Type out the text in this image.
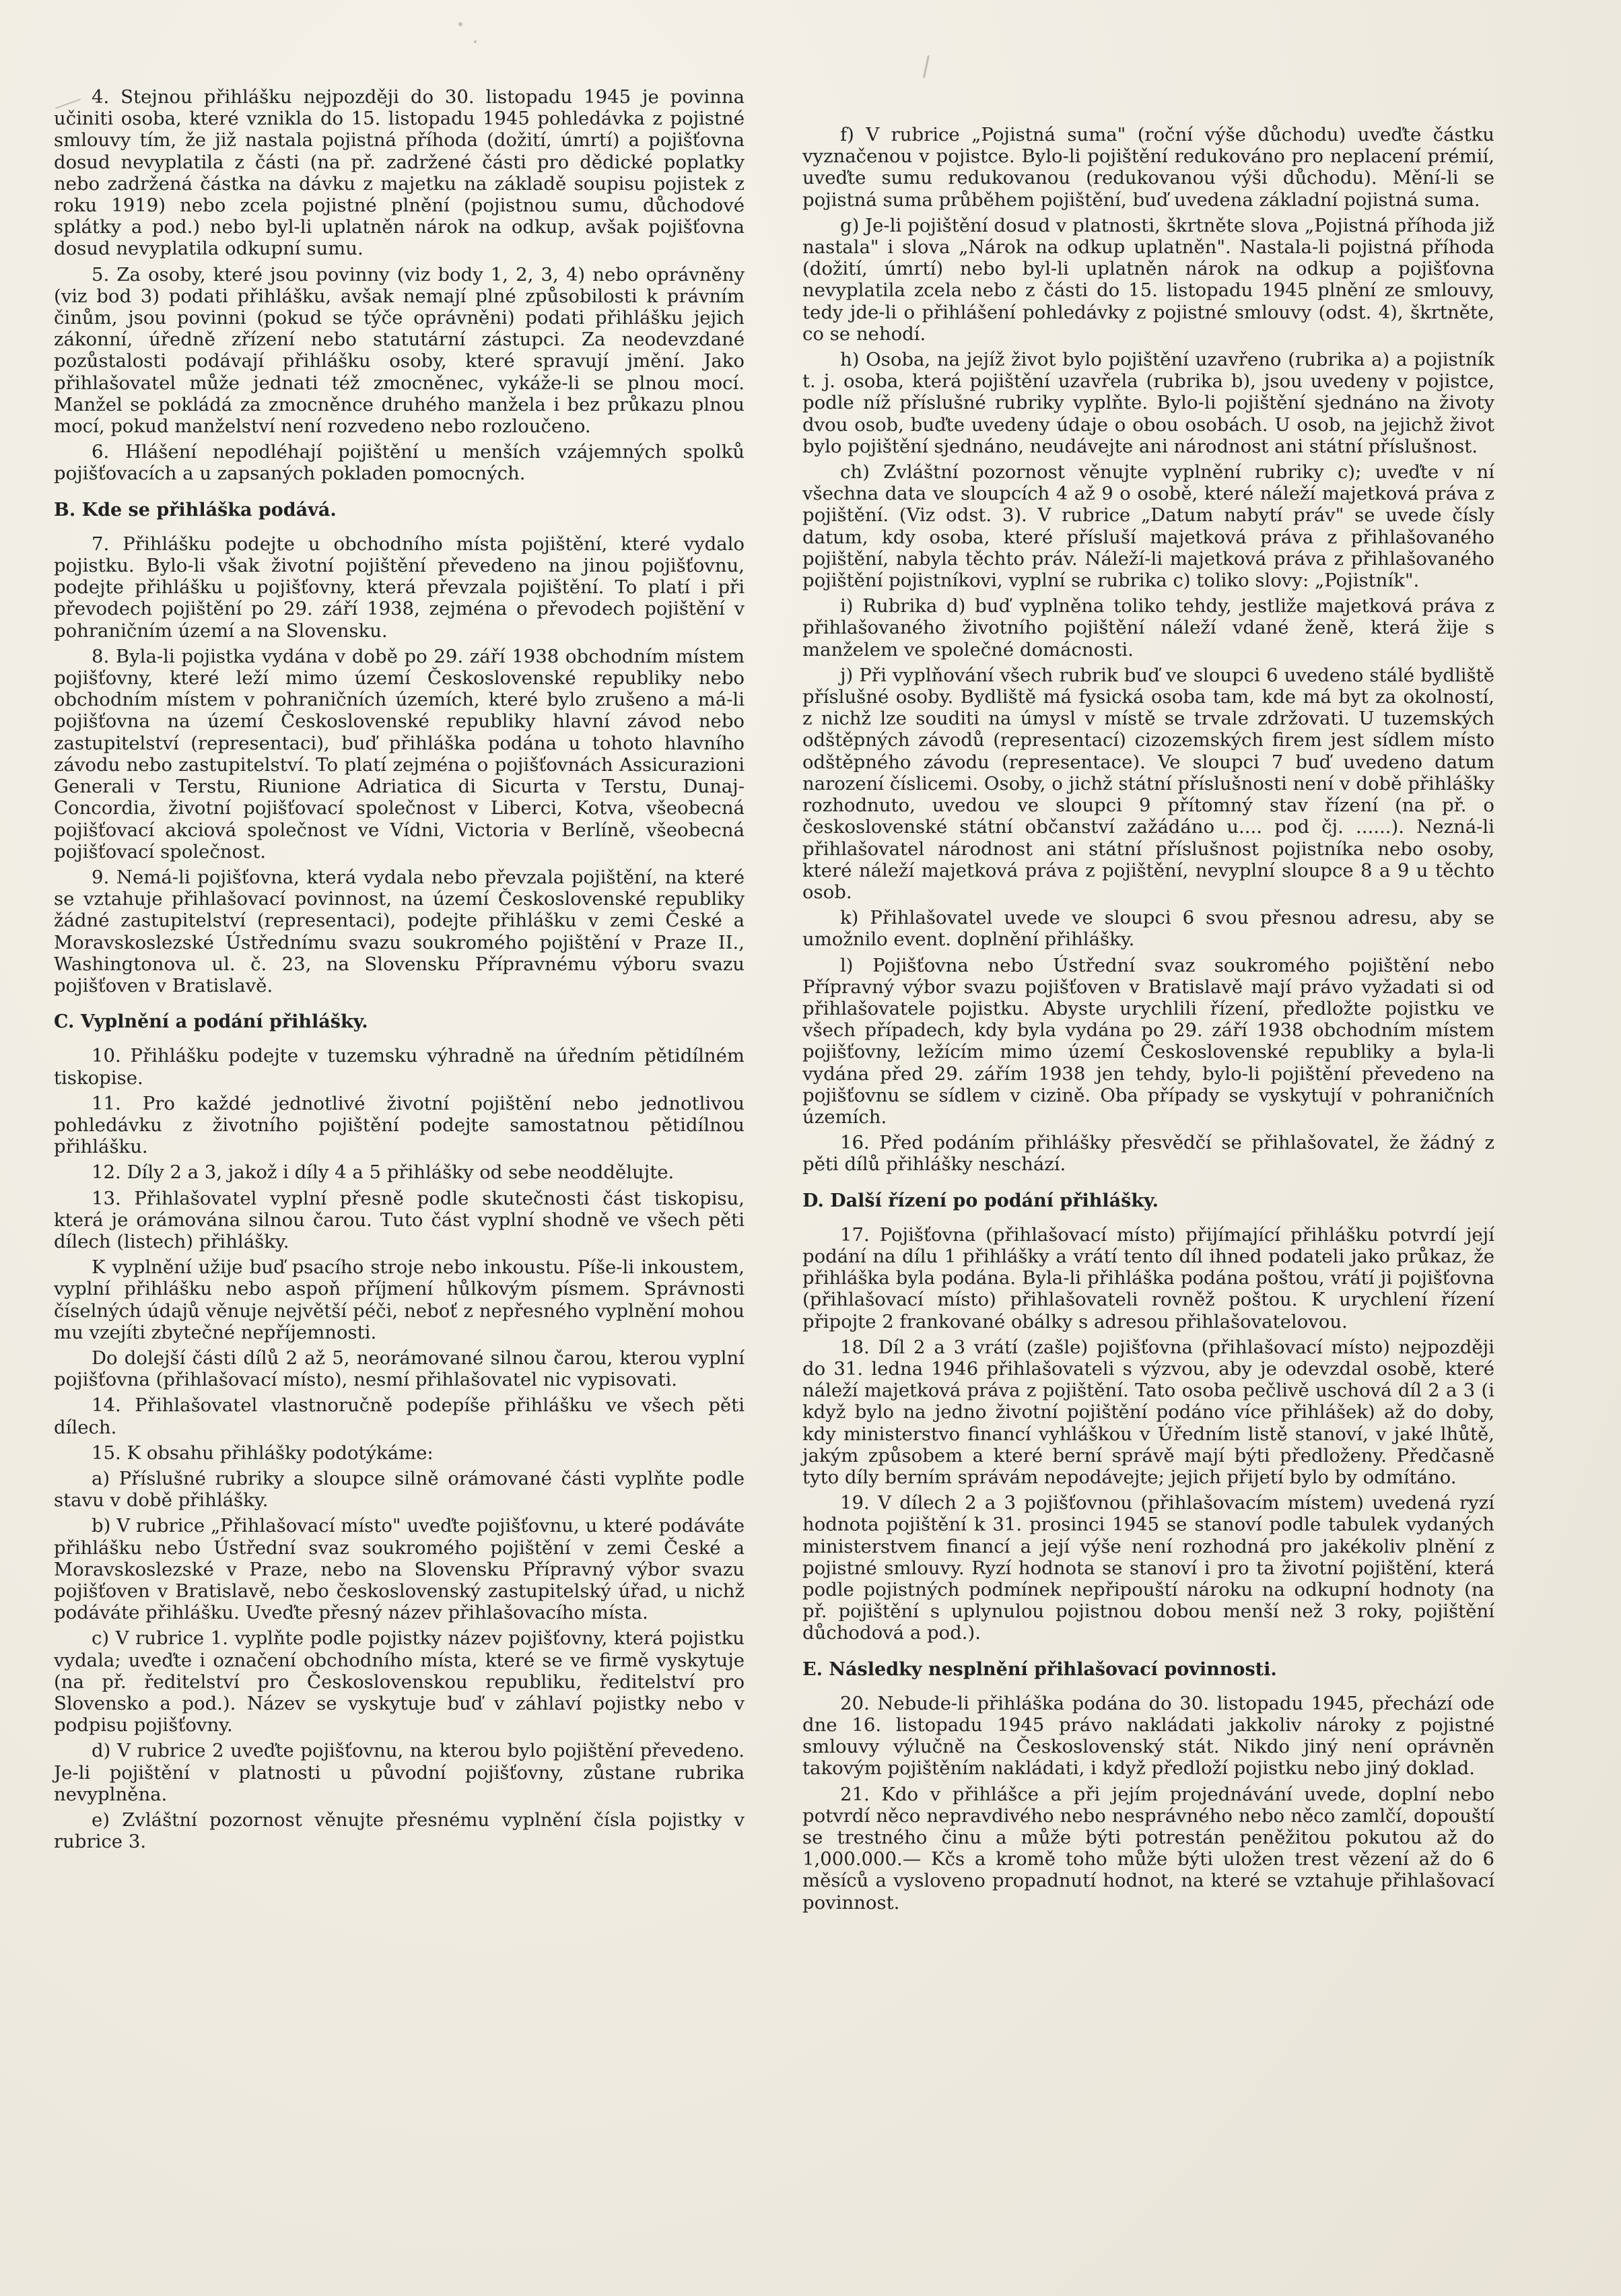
4. Stejnou přihlášku nejpozději do 30. listopadu 1945 je povinna učiniti osoba, které vznikla do 15. listopadu 1945 pohledávka z pojistné smlouvy tím, že již nastala pojistná příhoda (dožití, úmrtí) a pojišťovna dosud nevyplatila z části (na př. zadržené části pro dědické poplatky nebo zadržená částka na dávku z majetku na základě soupisu pojistek z roku 1919) nebo zcela pojistné plnění (pojistnou sumu, důchodové splátky a pod.) nebo byl-li uplatněn nárok na odkup, avšak pojišťovna dosud nevyplatila odkupní sumu.

5. Za osoby, které jsou povinny (viz body 1, 2, 3, 4) nebo oprávněny (viz bod 3) podati přihlášku, avšak nemají plné způsobilosti k právním činům, jsou povinni (pokud se týče oprávněni) podati přihlášku jejich zákonní, úředně zřízení nebo statutární zástupci. Za neodevzdané pozůstalosti podávají přihlášku osoby, které spravují jmění. Jako přihlašovatel může jednati též zmocněnec, vykáže-li se plnou mocí. Manžel se pokládá za zmocněnce druhého manžela i bez průkazu plnou mocí, pokud manželství není rozvedeno nebo rozloučeno.

6. Hlášení nepodléhají pojištění u menších vzájemných spolků pojišťovacích a u zapsaných pokladen pomocných.

B. Kde se přihláška podává.

7. Přihlášku podejte u obchodního místa pojištění, které vydalo pojistku. Bylo-li však životní pojištění převedeno na jinou pojišťovnu, podejte přihlášku u pojišťovny, která převzala pojištění. To platí i při převodech pojištění po 29. září 1938, zejména o převodech pojištění v pohraničním území a na Slovensku.

8. Byla-li pojistka vydána v době po 29. září 1938 obchodním místem pojišťovny, které leží mimo území Československé republiky nebo obchodním místem v pohraničních územích, které bylo zrušeno a má-li pojišťovna na území Československé republiky hlavní závod nebo zastupitelství (representaci), buď přihláška podána u tohoto hlavního závodu nebo zastupitelství. To platí zejména o pojišťovnách Assicurazioni Generali v Terstu, Riunione Adriatica di Sicurta v Terstu, Dunaj-Concordia, životní pojišťovací společnost v Liberci, Kotva, všeobecná pojišťovací akciová společnost ve Vídni, Victoria v Berlíně, všeobecná pojišťovací společnost.

9. Nemá-li pojišťovna, která vydala nebo převzala pojištění, na které se vztahuje přihlašovací povinnost, na území Československé republiky žádné zastupitelství (representaci), podejte přihlášku v zemi České a Moravskoslezské Ústřednímu svazu soukromého pojištění v Praze II., Washingtonova ul. č. 23, na Slovensku Přípravnému výboru svazu pojišťoven v Bratislavě.

C. Vyplnění a podání přihlášky.

10. Přihlášku podejte v tuzemsku výhradně na úředním pětidílném tiskopise.

11. Pro každé jednotlivé životní pojištění nebo jednotlivou pohledávku z životního pojištění podejte samostatnou pětidílnou přihlášku.

12. Díly 2 a 3, jakož i díly 4 a 5 přihlášky od sebe neoddělujte.

13. Přihlašovatel vyplní přesně podle skutečnosti část tiskopisu, která je orámována silnou čarou. Tuto část vyplní shodně ve všech pěti dílech (listech) přihlášky.

K vyplnění užije buď psacího stroje nebo inkoustu. Píše-li inkoustem, vyplní přihlášku nebo aspoň příjmení hůlkovým písmem. Správnosti číselných údajů věnuje největší péči, neboť z nepřesného vyplnění mohou mu vzejíti zbytečné nepříjemnosti.

Do dolejší části dílů 2 až 5, neorámované silnou čarou, kterou vyplní pojišťovna (přihlašovací místo), nesmí přihlašovatel nic vypisovati.

14. Přihlašovatel vlastnoručně podepíše přihlášku ve všech pěti dílech.

15. K obsahu přihlášky podotýkáme:

a) Příslušné rubriky a sloupce silně orámované části vyplňte podle stavu v době přihlášky.

b) V rubrice „Přihlašovací místo" uveďte pojišťovnu, u které podáváte přihlášku nebo Ústřední svaz soukromého pojištění v zemi České a Moravskoslezské v Praze, nebo na Slovensku Přípravný výbor svazu pojišťoven v Bratislavě, nebo československý zastupitelský úřad, u nichž podáváte přihlášku. Uveďte přesný název přihlašovacího místa.

c) V rubrice 1. vyplňte podle pojistky název pojišťovny, která pojistku vydala; uveďte i označení obchodního místa, které se ve firmě vyskytuje (na př. ředitelství pro Československou republiku, ředitelství pro Slovensko a pod.). Název se vyskytuje buď v záhlaví pojistky nebo v podpisu pojišťovny.

d) V rubrice 2 uveďte pojišťovnu, na kterou bylo pojištění převedeno. Je-li pojištění v platnosti u původní pojišťovny, zůstane rubrika nevyplněna.

e) Zvláštní pozornost věnujte přesnému vyplnění čísla pojistky v rubrice 3.

f) V rubrice „Pojistná suma" (roční výše důchodu) uveďte částku vyznačenou v pojistce. Bylo-li pojištění redukováno pro neplacení prémií, uveďte sumu redukovanou (redukovanou výši důchodu). Mění-li se pojistná suma průběhem pojištění, buď uvedena základní pojistná suma.

g) Je-li pojištění dosud v platnosti, škrtněte slova „Pojistná příhoda již nastala" i slova „Nárok na odkup uplatněn". Nastala-li pojistná příhoda (dožití, úmrtí) nebo byl-li uplatněn nárok na odkup a pojišťovna nevyplatila zcela nebo z části do 15. listopadu 1945 plnění ze smlouvy, tedy jde-li o přihlášení pohledávky z pojistné smlouvy (odst. 4), škrtněte, co se nehodí.

h) Osoba, na jejíž život bylo pojištění uzavřeno (rubrika a) a pojistník t. j. osoba, která pojištění uzavřela (rubrika b), jsou uvedeny v pojistce, podle níž příslušné rubriky vyplňte. Bylo-li pojištění sjednáno na životy dvou osob, buďte uvedeny údaje o obou osobách. U osob, na jejichž život bylo pojištění sjednáno, neudávejte ani národnost ani státní příslušnost.

ch) Zvláštní pozornost věnujte vyplnění rubriky c); uveďte v ní všechna data ve sloupcích 4 až 9 o osobě, které náleží majetková práva z pojištění. (Viz odst. 3). V rubrice „Datum nabytí práv" se uvede čísly datum, kdy osoba, které přísluší majetková práva z přihlašovaného pojištění, nabyla těchto práv. Náleží-li majetková práva z přihlašovaného pojištění pojistníkovi, vyplní se rubrika c) toliko slovy: „Pojistník".

i) Rubrika d) buď vyplněna toliko tehdy, jestliže majetková práva z přihlašovaného životního pojištění náleží vdané ženě, která žije s manželem ve společné domácnosti.

j) Při vyplňování všech rubrik buď ve sloupci 6 uvedeno stálé bydliště příslušné osoby. Bydliště má fysická osoba tam, kde má byt za okolností, z nichž lze souditi na úmysl v místě se trvale zdržovati. U tuzemských odštěpných závodů (representací) cizozemských firem jest sídlem místo odštěpného závodu (representace). Ve sloupci 7 buď uvedeno datum narození číslicemi. Osoby, o jichž státní příslušnosti není v době přihlášky rozhodnuto, uvedou ve sloupci 9 přítomný stav řízení (na př. o československé státní občanství zažádáno u.... pod čj. ......). Nezná-li přihlašovatel národnost ani státní příslušnost pojistníka nebo osoby, které náleží majetková práva z pojištění, nevyplní sloupce 8 a 9 u těchto osob.

k) Přihlašovatel uvede ve sloupci 6 svou přesnou adresu, aby se umožnilo event. doplnění přihlášky.

l) Pojišťovna nebo Ústřední svaz soukromého pojištění nebo Přípravný výbor svazu pojišťoven v Bratislavě mají právo vyžadati si od přihlašovatele pojistku. Abyste urychlili řízení, předložte pojistku ve všech případech, kdy byla vydána po 29. září 1938 obchodním místem pojišťovny, ležícím mimo území Československé republiky a byla-li vydána před 29. zářím 1938 jen tehdy, bylo-li pojištění převedeno na pojišťovnu se sídlem v cizině. Oba případy se vyskytují v pohraničních územích.

16. Před podáním přihlášky přesvědčí se přihlašovatel, že žádný z pěti dílů přihlášky neschází.

D. Další řízení po podání přihlášky.

17. Pojišťovna (přihlašovací místo) přijímající přihlášku potvrdí její podání na dílu 1 přihlášky a vrátí tento díl ihned podateli jako průkaz, že přihláška byla podána. Byla-li přihláška podána poštou, vrátí ji pojišťovna (přihlašovací místo) přihlašovateli rovněž poštou. K urychlení řízení připojte 2 frankované obálky s adresou přihlašovatelovou.

18. Díl 2 a 3 vrátí (zašle) pojišťovna (přihlašovací místo) nejpozději do 31. ledna 1946 přihlašovateli s výzvou, aby je odevzdal osobě, které náleží majetková práva z pojištění. Tato osoba pečlivě uschová díl 2 a 3 (i když bylo na jedno životní pojištění podáno více přihlášek) až do doby, kdy ministerstvo financí vyhláškou v Úředním listě stanoví, v jaké lhůtě, jakým způsobem a které berní správě mají býti předloženy. Předčasně tyto díly berním správám nepodávejte; jejich přijetí bylo by odmítáno.

19. V dílech 2 a 3 pojišťovnou (přihlašovacím místem) uvedená ryzí hodnota pojištění k 31. prosinci 1945 se stanoví podle tabulek vydaných ministerstvem financí a její výše není rozhodná pro jakékoliv plnění z pojistné smlouvy. Ryzí hodnota se stanoví i pro ta životní pojištění, která podle pojistných podmínek nepřipouští nároku na odkupní hodnoty (na př. pojištění s uplynulou pojistnou dobou menší než 3 roky, pojištění důchodová a pod.).

E. Následky nesplnění přihlašovací povinnosti.

20. Nebude-li přihláška podána do 30. listopadu 1945, přechází ode dne 16. listopadu 1945 právo nakládati jakkoliv nároky z pojistné smlouvy výlučně na Československý stát. Nikdo jiný není oprávněn takovým pojištěním nakládati, i když předloží pojistku nebo jiný doklad.

21. Kdo v přihlášce a při jejím projednávání uvede, doplní nebo potvrdí něco nepravdivého nebo nesprávného nebo něco zamlčí, dopouští se trestného činu a může býti potrestán peněžitou pokutou až do 1,000.000.— Kčs a kromě toho může býti uložen trest vězení až do 6 měsíců a vysloveno propadnutí hodnot, na které se vztahuje přihlašovací povinnost.
